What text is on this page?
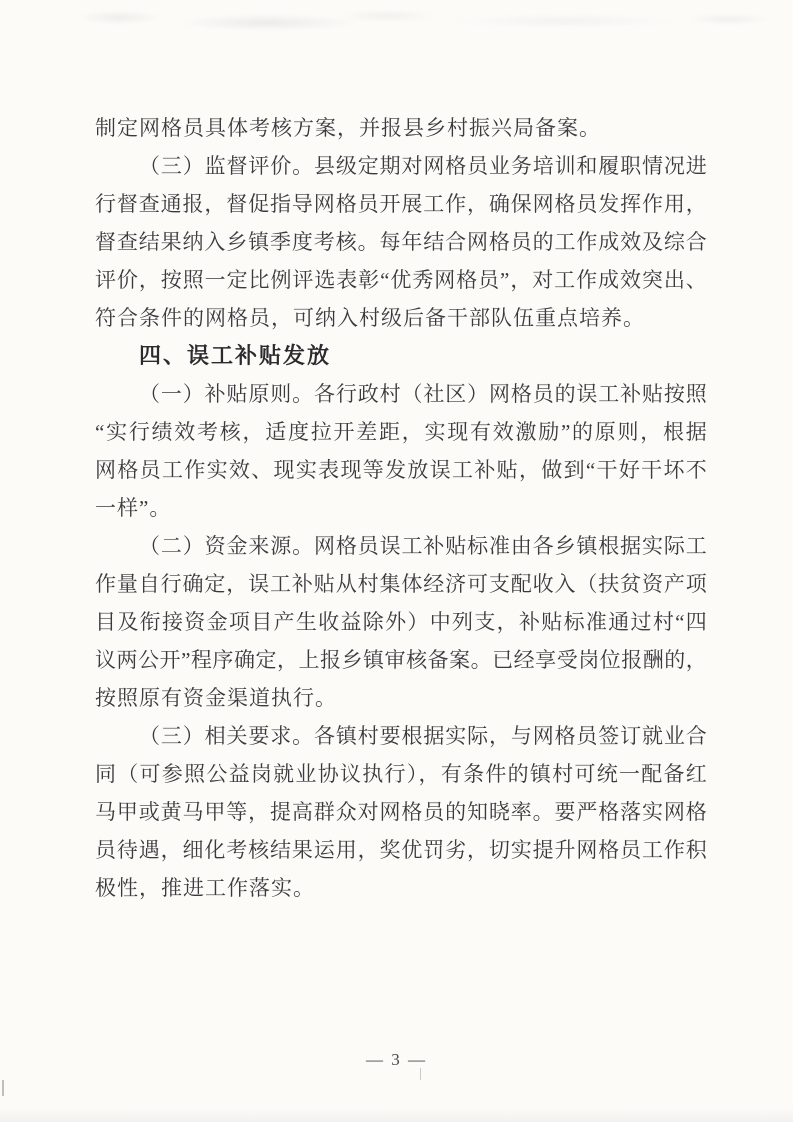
制定网格员具体考核方案，并报县乡村振兴局备案。

（三）监督评价。县级定期对网格员业务培训和履职情况进

行督查通报，督促指导网格员开展工作，确保网格员发挥作用，

督查结果纳入乡镇季度考核。每年结合网格员的工作成效及综合

评价，按照一定比例评选表彰“优秀网格员”，对工作成效突出、

符合条件的网格员，可纳入村级后备干部队伍重点培养。

四、误工补贴发放

（一）补贴原则。各行政村（社区）网格员的误工补贴按照

“实行绩效考核，适度拉开差距，实现有效激励”的原则，根据

网格员工作实效、现实表现等发放误工补贴，做到“干好干坏不

一样”。

（二）资金来源。网格员误工补贴标准由各乡镇根据实际工

作量自行确定，误工补贴从村集体经济可支配收入（扶贫资产项

目及衔接资金项目产生收益除外）中列支，补贴标准通过村“四

议两公开”程序确定，上报乡镇审核备案。已经享受岗位报酬的，

按照原有资金渠道执行。

（三）相关要求。各镇村要根据实际，与网格员签订就业合

同（可参照公益岗就业协议执行），有条件的镇村可统一配备红

马甲或黄马甲等，提高群众对网格员的知晓率。要严格落实网格

员待遇，细化考核结果运用，奖优罚劣，切实提升网格员工作积

极性，推进工作落实。

— 3 —
